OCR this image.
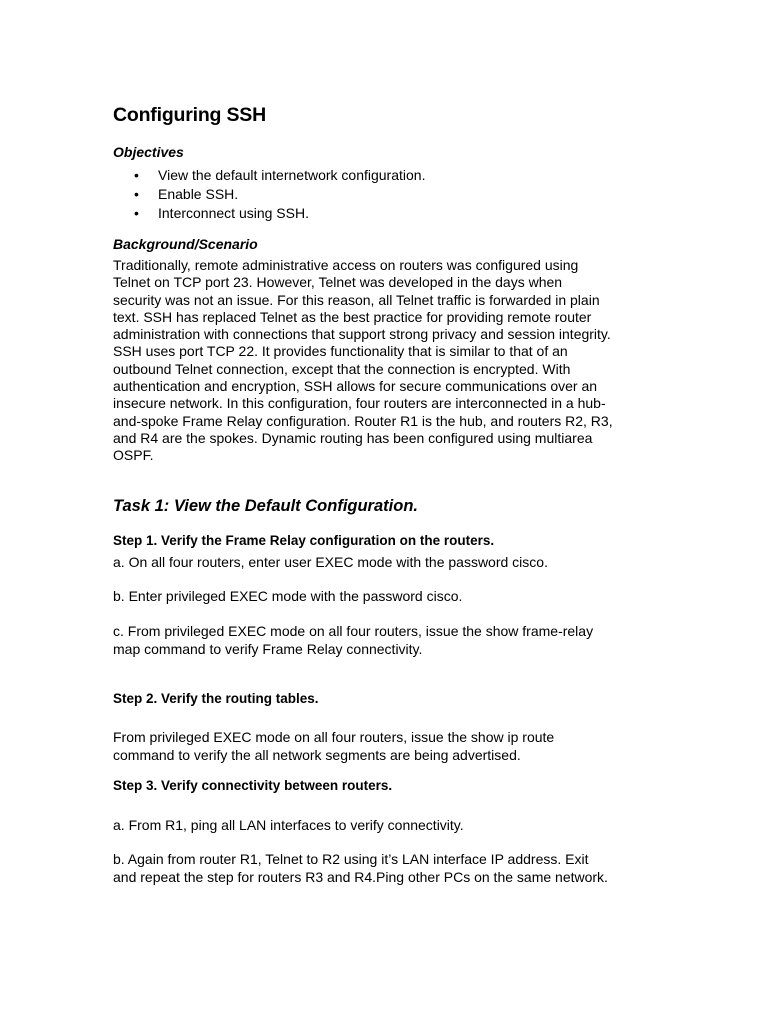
Configuring SSH
Objectives
• View the default internetwork configuration.
• Enable SSH.
• Interconnect using SSH.
Background/Scenario
Traditionally, remote administrative access on routers was configured using
Telnet on TCP port 23. However, Telnet was developed in the days when
security was not an issue. For this reason, all Telnet traffic is forwarded in plain
text. SSH has replaced Telnet as the best practice for providing remote router
administration with connections that support strong privacy and session integrity.
SSH uses port TCP 22. It provides functionality that is similar to that of an
outbound Telnet connection, except that the connection is encrypted. With
authentication and encryption, SSH allows for secure communications over an
insecure network. In this configuration, four routers are interconnected in a hub-
and-spoke Frame Relay configuration. Router R1 is the hub, and routers R2, R3,
and R4 are the spokes. Dynamic routing has been configured using multiarea
OSPF.
Task 1: View the Default Configuration.
Step 1. Verify the Frame Relay configuration on the routers.
a. On all four routers, enter user EXEC mode with the password cisco.
b. Enter privileged EXEC mode with the password cisco.
c. From privileged EXEC mode on all four routers, issue the show frame-relay
map command to verify Frame Relay connectivity.
Step 2. Verify the routing tables.
From privileged EXEC mode on all four routers, issue the show ip route
command to verify the all network segments are being advertised.
Step 3. Verify connectivity between routers.
a. From R1, ping all LAN interfaces to verify connectivity.
b. Again from router R1, Telnet to R2 using it’s LAN interface IP address. Exit
and repeat the step for routers R3 and R4.Ping other PCs on the same network.
